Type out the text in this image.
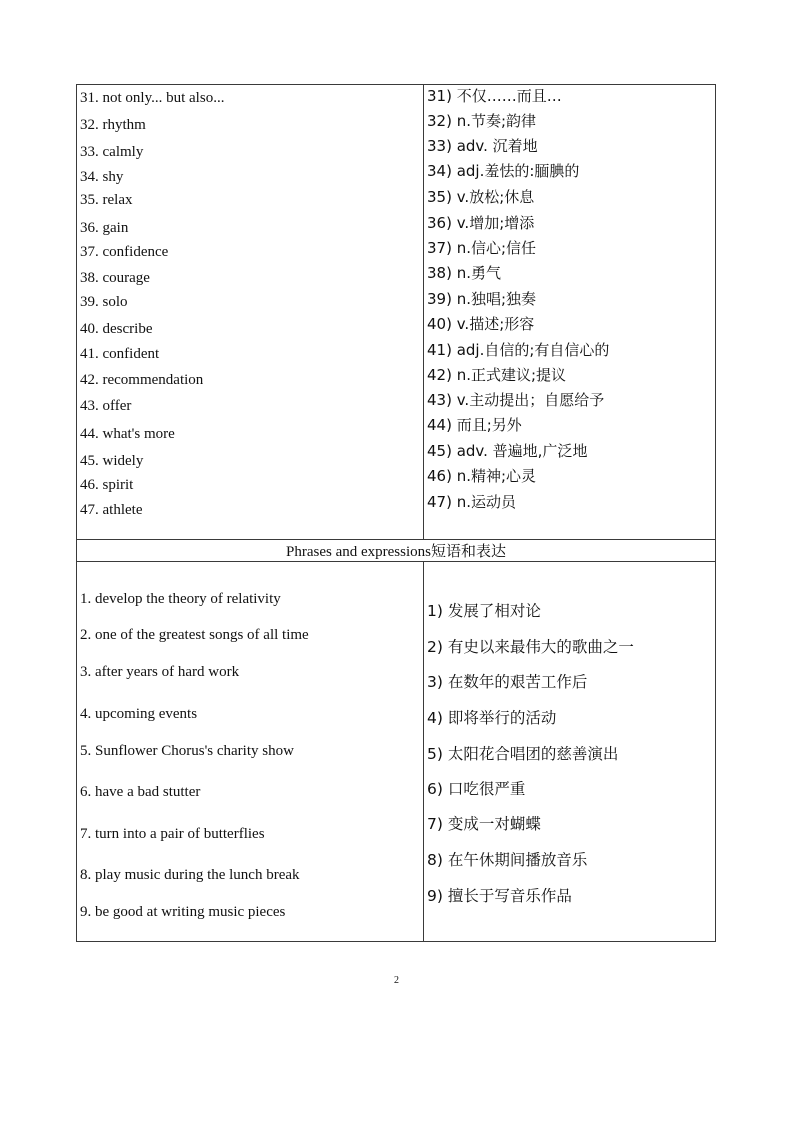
31. not only... but also...
32. rhythm
33. calmly
34. shy
35. relax
36. gain
37. confidence
38. courage
39. solo
40. describe
41. confident
42. recommendation
43. offer
44. what's more
45. widely
46. spirit
47. athlete
31) 不仅……而且…
32) n.节奏;韵律
33) adv. 沉着地
34) adj.羞怯的:腼腆的
35) v.放松;休息
36) v.增加;增添
37) n.信心;信任
38) n.勇气
39) n.独唱;独奏
40) v.描述;形容
41) adj.自信的;有自信心的
42) n.正式建议;提议
43) v.主动提出；自愿给予
44) 而且;另外
45) adv. 普遍地,广泛地
46) n.精神;心灵
47) n.运动员
Phrases and expressions短语和表达
1. develop the theory of relativity
2. one of the greatest songs of all time
3. after years of hard work
4. upcoming events
5. Sunflower Chorus's charity show
6. have a bad stutter
7. turn into a pair of butterflies
8. play music during the lunch break
9. be good at writing music pieces
1) 发展了相对论
2) 有史以来最伟大的歌曲之一
3) 在数年的艰苦工作后
4) 即将举行的活动
5) 太阳花合唱团的慈善演出
6) 口吃很严重
7) 变成一对蝴蝶
8) 在午休期间播放音乐
9) 擅长于写音乐作品
2
